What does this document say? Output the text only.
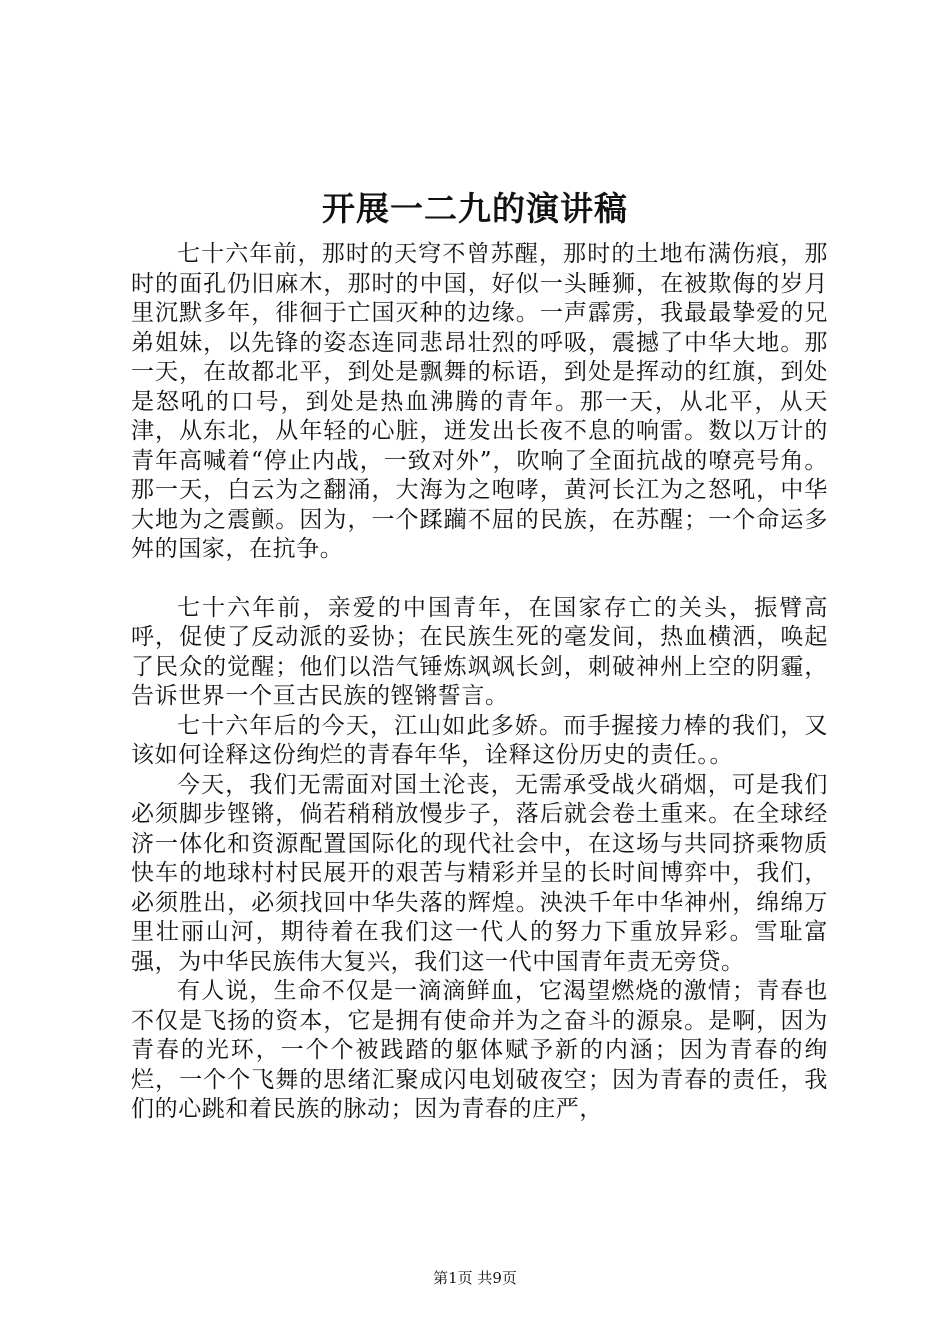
开展一二九的演讲稿

七十六年前，那时的天穹不曾苏醒，那时的土地布满伤痕，那时的面孔仍旧麻木，那时的中国，好似一头睡狮，在被欺侮的岁月里沉默多年，徘徊于亡国灭种的边缘。一声霹雳，我最最挚爱的兄弟姐妹，以先锋的姿态连同悲昂壮烈的呼吸，震撼了中华大地。那一天，在故都北平，到处是飘舞的标语，到处是挥动的红旗，到处是怒吼的口号，到处是热血沸腾的青年。那一天，从北平，从天津，从东北，从年轻的心脏，迸发出长夜不息的响雷。数以万计的青年高喊着“停止内战，一致对外”，吹响了全面抗战的嘹亮号角。那一天，白云为之翻涌，大海为之咆哮，黄河长江为之怒吼，中华大地为之震颤。因为，一个蹂躏不屈的民族，在苏醒；一个命运多舛的国家，在抗争。

七十六年前，亲爱的中国青年，在国家存亡的关头，振臂高呼，促使了反动派的妥协；在民族生死的毫发间，热血横洒，唤起了民众的觉醒；他们以浩气锤炼飒飒长剑，刺破神州上空的阴霾，告诉世界一个亘古民族的铿锵誓言。

七十六年后的今天，江山如此多娇。而手握接力棒的我们，又该如何诠释这份绚烂的青春年华，诠释这份历史的责任。。

今天，我们无需面对国土沦丧，无需承受战火硝烟，可是我们必须脚步铿锵，倘若稍稍放慢步子，落后就会卷土重来。在全球经济一体化和资源配置国际化的现代社会中，在这场与共同挤乘物质快车的地球村村民展开的艰苦与精彩并呈的长时间博弈中，我们，必须胜出，必须找回中华失落的辉煌。泱泱千年中华神州，绵绵万里壮丽山河，期待着在我们这一代人的努力下重放异彩。雪耻富强，为中华民族伟大复兴，我们这一代中国青年责无旁贷。

有人说，生命不仅是一滴滴鲜血，它渴望燃烧的激情；青春也不仅是飞扬的资本，它是拥有使命并为之奋斗的源泉。是啊，因为青春的光环，一个个被践踏的躯体赋予新的内涵；因为青春的绚烂，一个个飞舞的思绪汇聚成闪电划破夜空；因为青春的责任，我们的心跳和着民族的脉动；因为青春的庄严，

第1页 共9页
